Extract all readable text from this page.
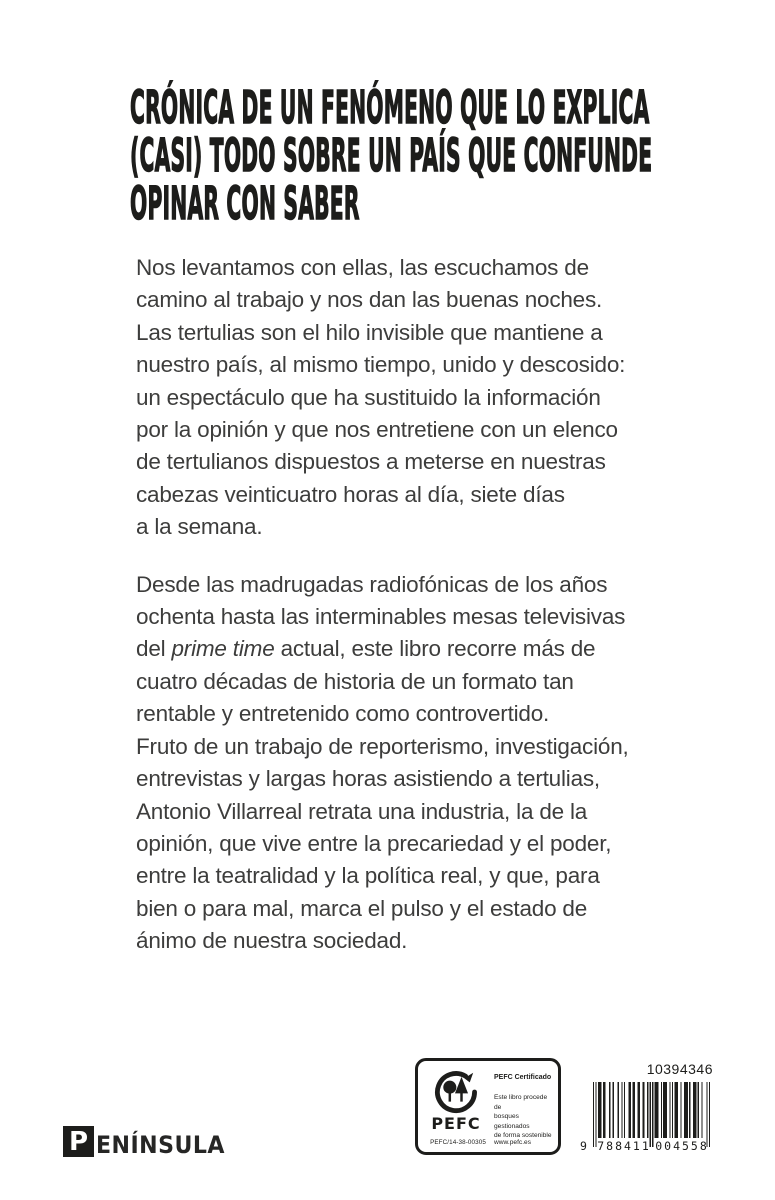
CRÓNICA DE UN FENÓMENO QUE LO EXPLICA
(CASI) TODO SOBRE UN PAÍS QUE CONFUNDE
OPINAR CON SABER
Nos levantamos con ellas, las escuchamos de
camino al trabajo y nos dan las buenas noches.
Las tertulias son el hilo invisible que mantiene a
nuestro país, al mismo tiempo, unido y descosido:
un espectáculo que ha sustituido la información
por la opinión y que nos entretiene con un elenco
de tertulianos dispuestos a meterse en nuestras
cabezas veinticuatro horas al día, siete días
a la semana.
Desde las madrugadas radiofónicas de los años
ochenta hasta las interminables mesas televisivas
del prime time actual, este libro recorre más de
cuatro décadas de historia de un formato tan
rentable y entretenido como controvertido.
Fruto de un trabajo de reporterismo, investigación,
entrevistas y largas horas asistiendo a tertulias,
Antonio Villarreal retrata una industria, la de la
opinión, que vive entre la precariedad y el poder,
entre la teatralidad y la política real, y que, para
bien o para mal, marca el pulso y el estado de
ánimo de nuestra sociedad.
P ENÍNSULA
PEFC
PEFC/14-38-00305
PEFC Certificado
Este libro procede de
bosques gestionados
de forma sostenible
www.pefc.es
10394346
9 788411 004558
